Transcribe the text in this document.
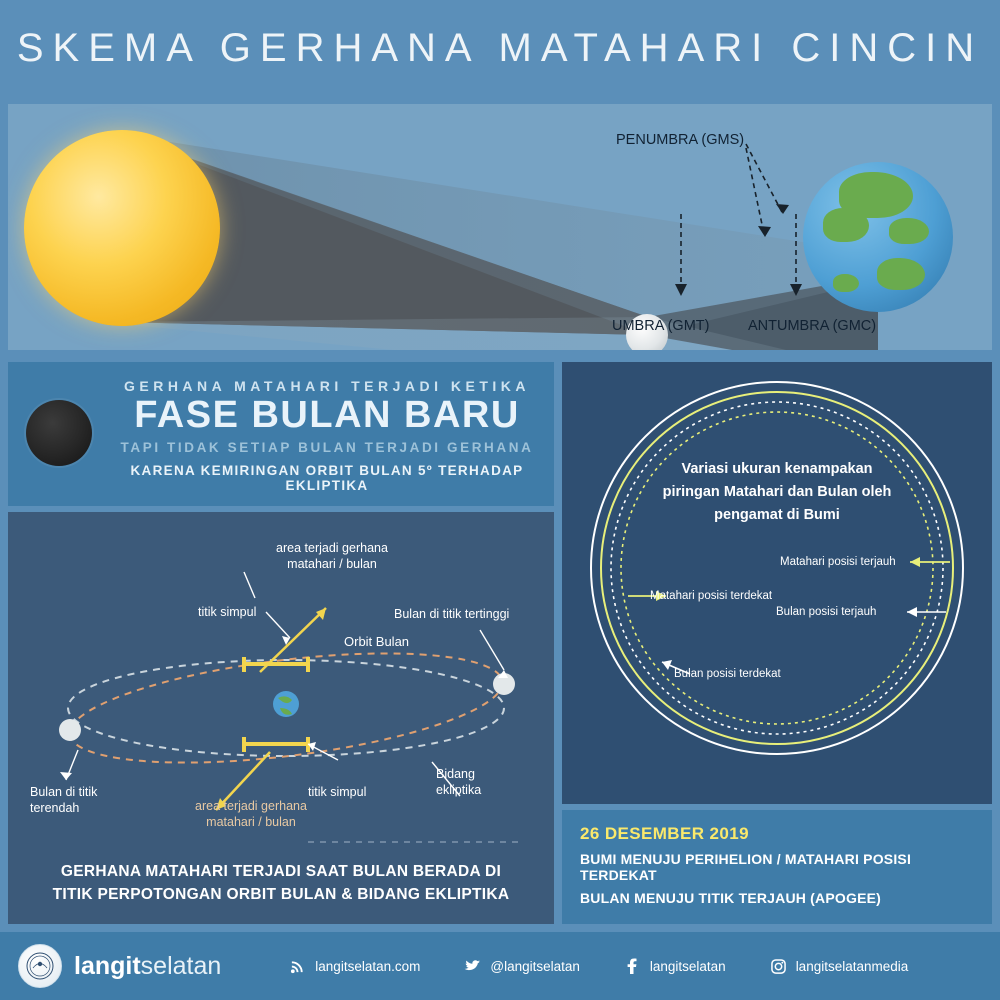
SKEMA GERHANA MATAHARI CINCIN
PENUMBRA (GMS)
UMBRA (GMT)	ANTUMBRA (GMC)
GERHANA MATAHARI TERJADI KETIKA
FASE BULAN BARU
TAPI TIDAK SETIAP BULAN TERJADI GERHANA
KARENA KEMIRINGAN ORBIT BULAN 5º TERHADAP EKLIPTIKA
area terjadi gerhana
matahari / bulan
titik simpul	Bulan di titik tertinggi
Orbit Bulan
titik simpul
Bidang
ekliptika
Bulan di titik
terendah	area terjadi gerhana
matahari / bulan
GERHANA MATAHARI TERJADI SAAT BULAN BERADA DI
TITIK PERPOTONGAN ORBIT BULAN & BIDANG EKLIPTIKA
Variasi ukuran kenampakan
piringan Matahari dan Bulan oleh
pengamat di Bumi
Matahari posisi terjauh
Matahari posisi terdekat
Bulan posisi terjauh
Bulan posisi terdekat
26 DESEMBER 2019
BUMI MENUJU PERIHELION / MATAHARI POSISI TERDEKAT
BULAN MENUJU TITIK TERJAUH (APOGEE)
langitselatan	langitselatan.com	@langitselatan	langitselatan	langitselatanmedia
